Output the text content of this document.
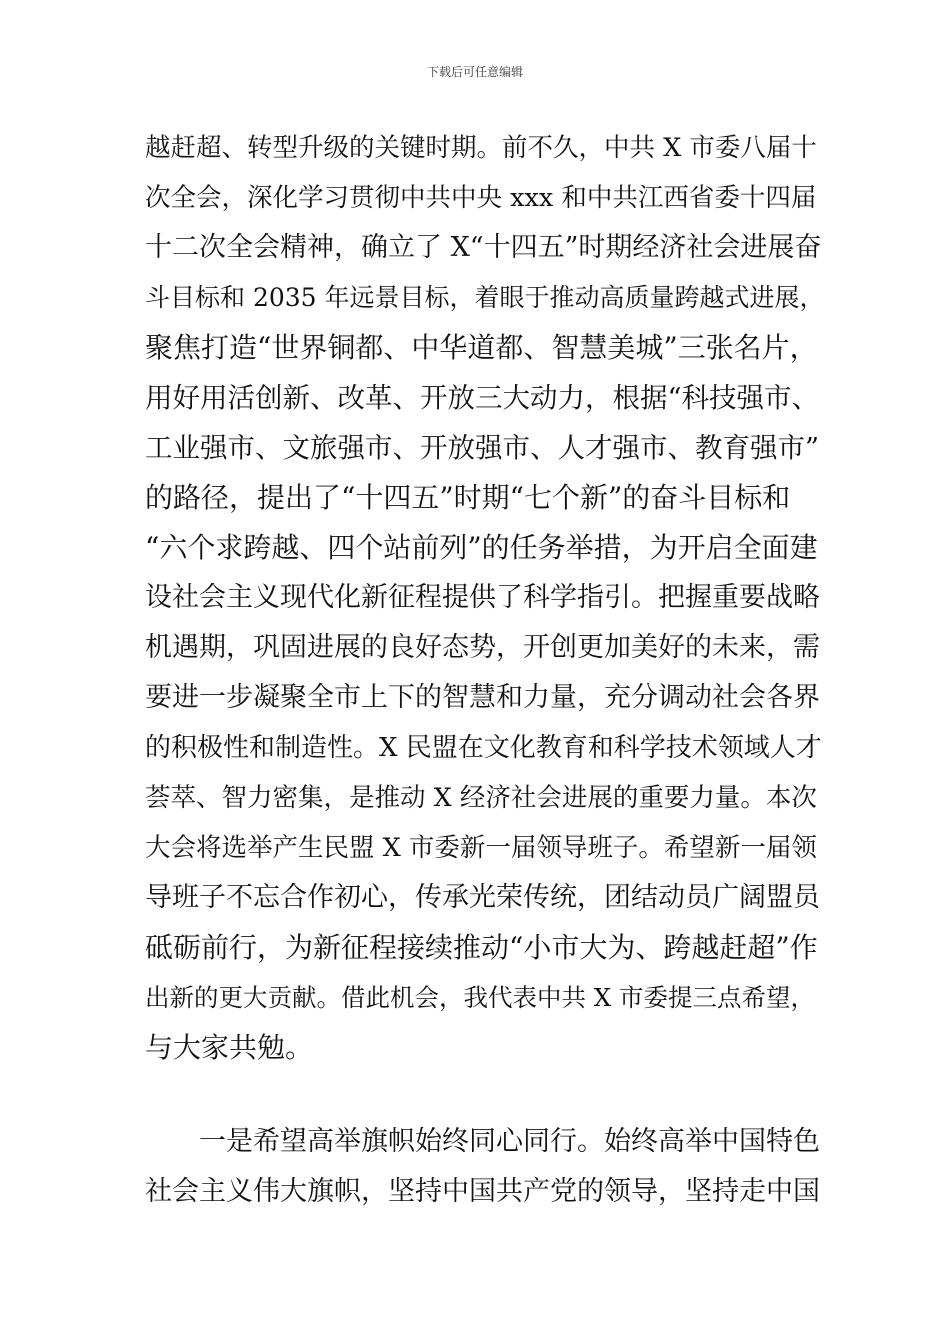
下载后可任意编辑
越赶超、转型升级的关键时期。前不久，中共 X 市委八届十
次全会，深化学习贯彻中共中央 xxx 和中共江西省委十四届
十二次全会精神，确立了 X“十四五”时期经济社会进展奋
斗目标和 2035 年远景目标，着眼于推动高质量跨越式进展，
聚焦打造“世界铜都、中华道都、智慧美城”三张名片，
用好用活创新、改革、开放三大动力，根据“科技强市、
工业强市、文旅强市、开放强市、人才强市、教育强市”
的路径，提出了“十四五”时期“七个新”的奋斗目标和
“六个求跨越、四个站前列”的任务举措，为开启全面建
设社会主义现代化新征程提供了科学指引。把握重要战略
机遇期，巩固进展的良好态势，开创更加美好的未来，需
要进一步凝聚全市上下的智慧和力量，充分调动社会各界
的积极性和制造性。X 民盟在文化教育和科学技术领域人才
荟萃、智力密集，是推动 X 经济社会进展的重要力量。本次
大会将选举产生民盟 X 市委新一届领导班子。希望新一届领
导班子不忘合作初心，传承光荣传统，团结动员广阔盟员
砥砺前行，为新征程接续推动“小市大为、跨越赶超”作
出新的更大贡献。借此机会，我代表中共 X 市委提三点希望，
与大家共勉。
　　一是希望高举旗帜始终同心同行。始终高举中国特色
社会主义伟大旗帜，坚持中国共产党的领导，坚持走中国
